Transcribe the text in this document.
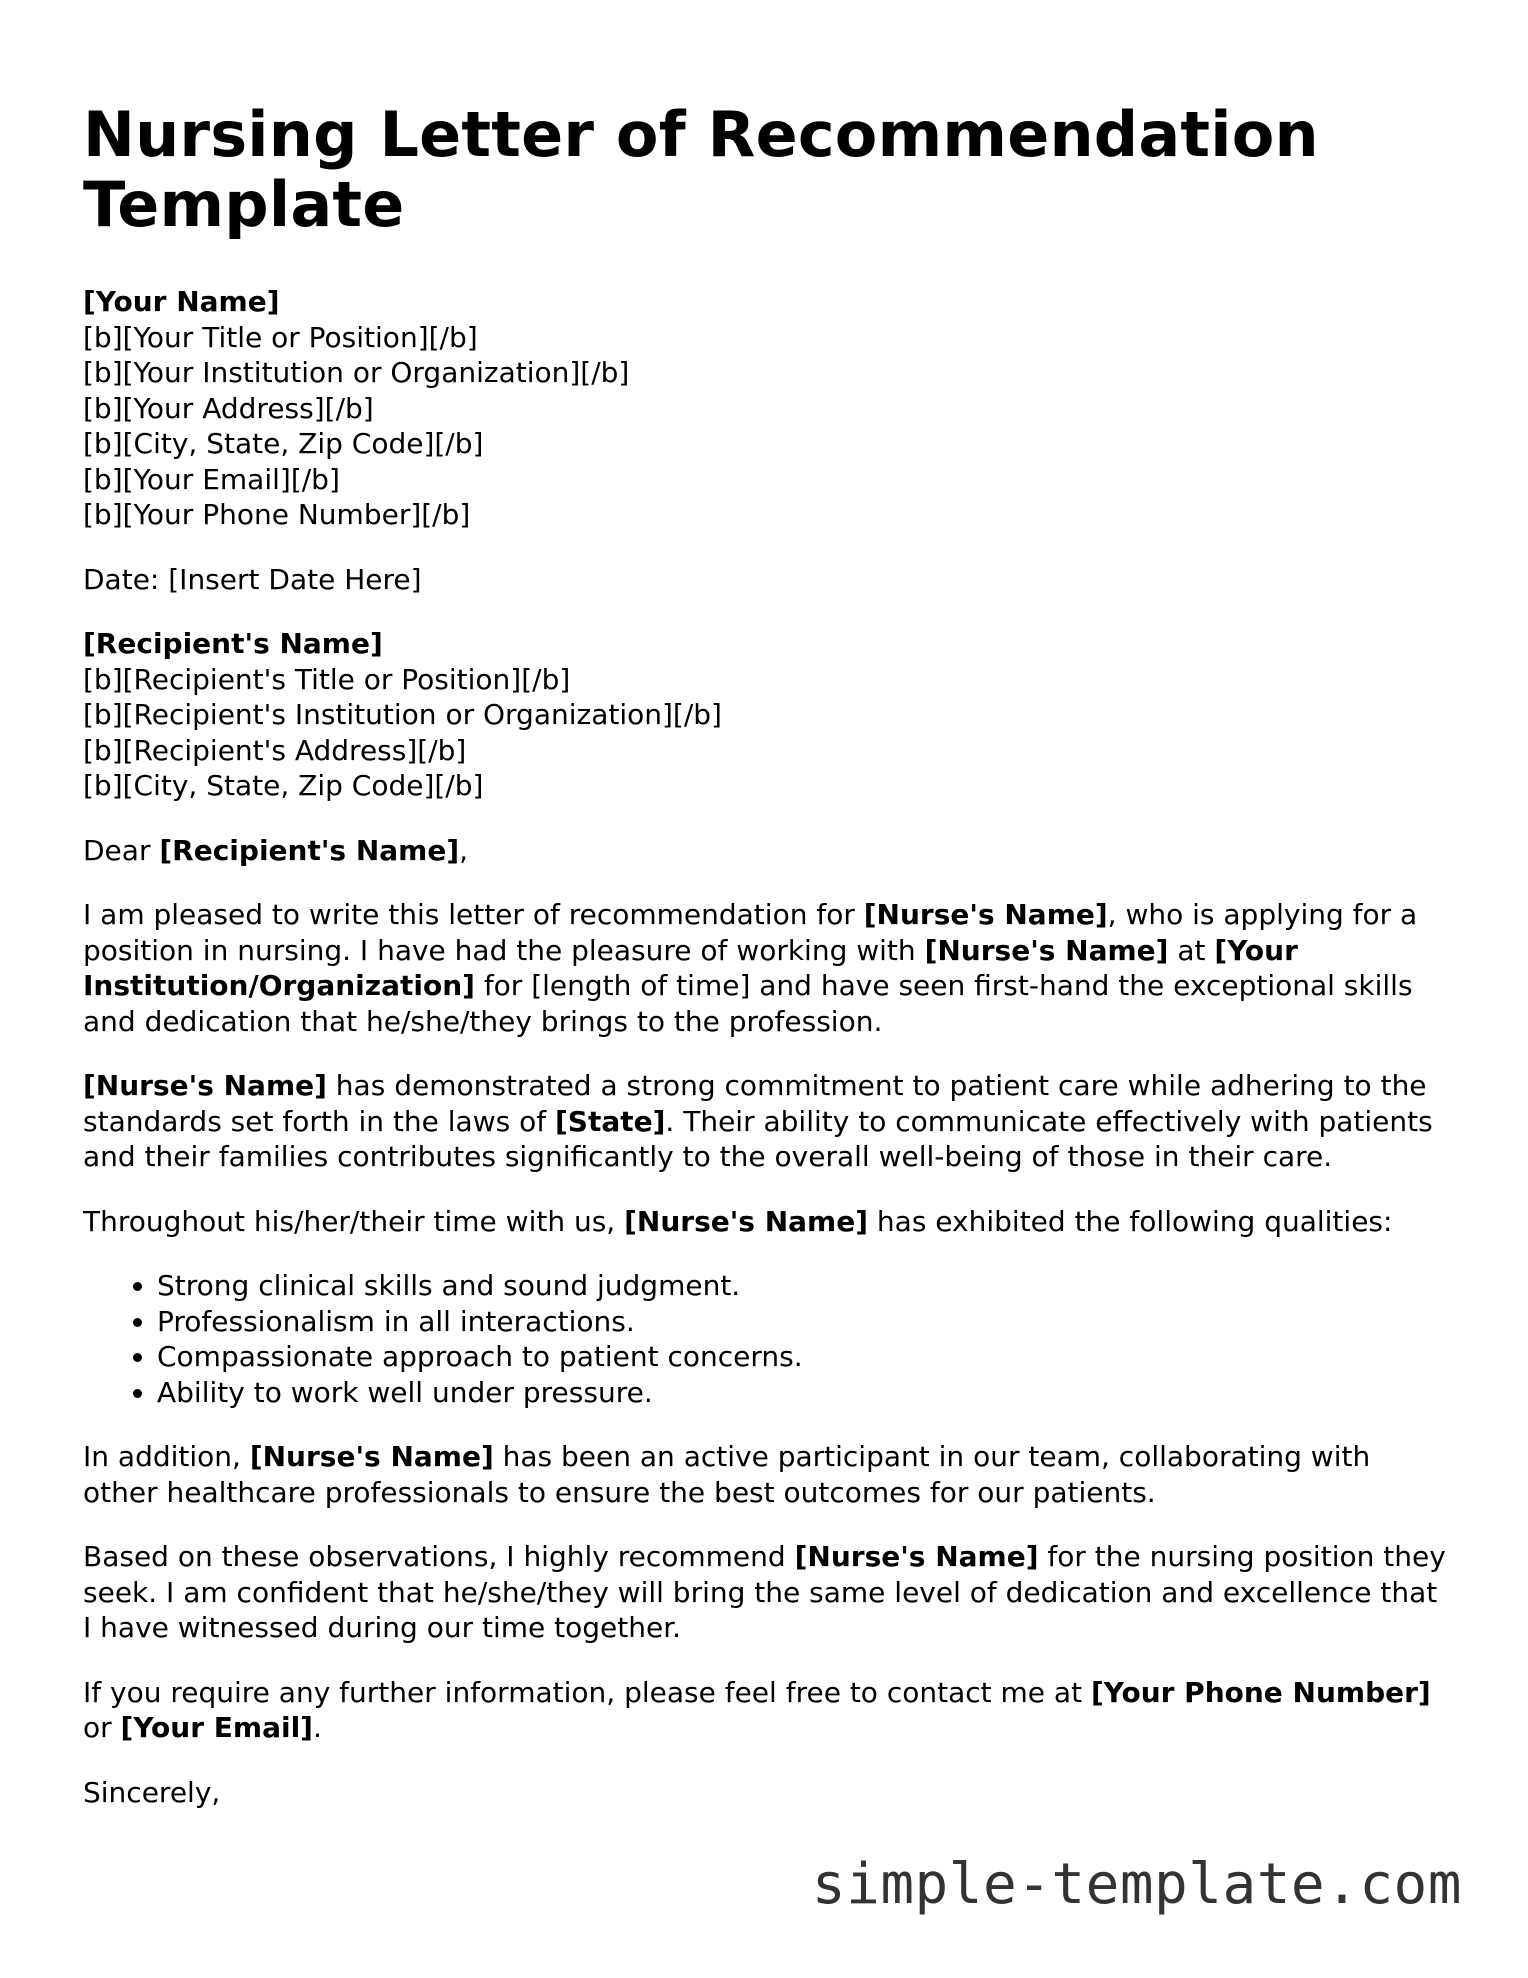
Nursing Letter of Recommendation Template
[Your Name]
[b][Your Title or Position][/b]
[b][Your Institution or Organization][/b]
[b][Your Address][/b]
[b][City, State, Zip Code][/b]
[b][Your Email][/b]
[b][Your Phone Number][/b]

Date: [Insert Date Here]

[Recipient's Name]
[b][Recipient's Title or Position][/b]
[b][Recipient's Institution or Organization][/b]
[b][Recipient's Address][/b]
[b][City, State, Zip Code][/b]

Dear [Recipient's Name],

I am pleased to write this letter of recommendation for [Nurse's Name], who is applying for a position in nursing. I have had the pleasure of working with [Nurse's Name] at [Your Institution/Organization] for [length of time] and have seen first-hand the exceptional skills and dedication that he/she/they brings to the profession.

[Nurse's Name] has demonstrated a strong commitment to patient care while adhering to the standards set forth in the laws of [State]. Their ability to communicate effectively with patients and their families contributes significantly to the overall well-being of those in their care.

Throughout his/her/their time with us, [Nurse's Name] has exhibited the following qualities:

• Strong clinical skills and sound judgment.
• Professionalism in all interactions.
• Compassionate approach to patient concerns.
• Ability to work well under pressure.

In addition, [Nurse's Name] has been an active participant in our team, collaborating with other healthcare professionals to ensure the best outcomes for our patients.

Based on these observations, I highly recommend [Nurse's Name] for the nursing position they seek. I am confident that he/she/they will bring the same level of dedication and excellence that I have witnessed during our time together.

If you require any further information, please feel free to contact me at [Your Phone Number] or [Your Email].

Sincerely,

simple-template.com
